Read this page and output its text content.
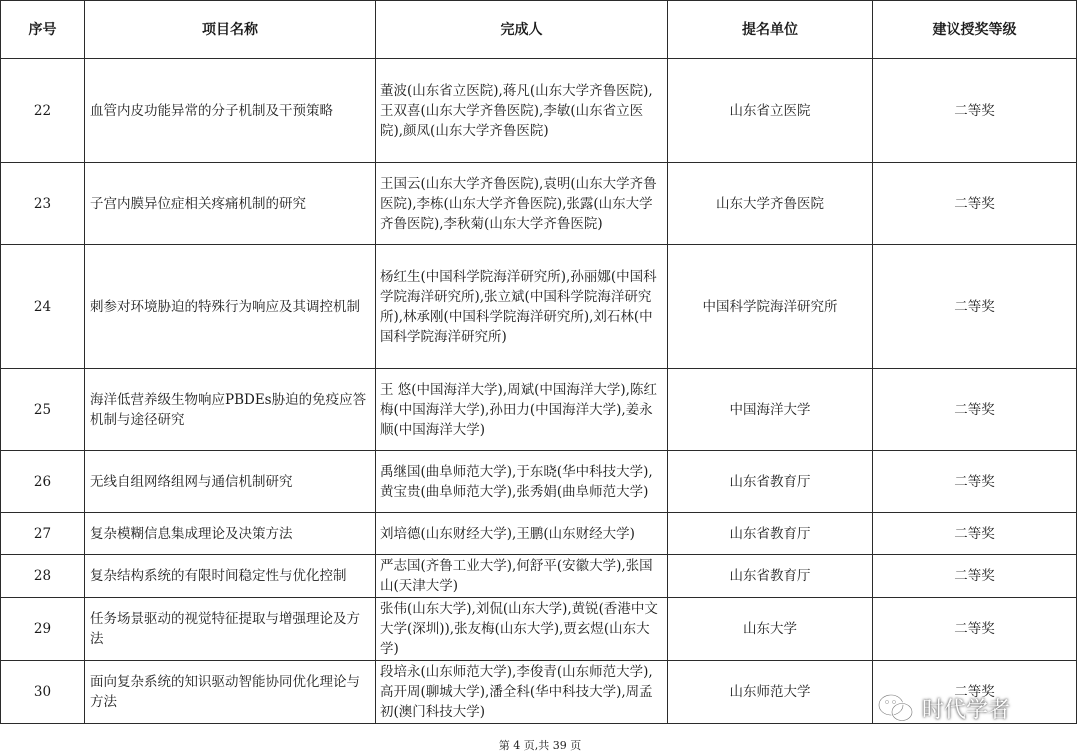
序号	项目名称	完成人	提名单位	建议授奖等级
22	血管内皮功能异常的分子机制及干预策略	董波(山东省立医院),蒋凡(山东大学齐鲁医院),王双喜(山东大学齐鲁医院),李敏(山东省立医院),颜凤(山东大学齐鲁医院)	山东省立医院	二等奖
23	子宫内膜异位症相关疼痛机制的研究	王国云(山东大学齐鲁医院),袁明(山东大学齐鲁医院),李栋(山东大学齐鲁医院),张露(山东大学齐鲁医院),李秋菊(山东大学齐鲁医院)	山东大学齐鲁医院	二等奖
24	刺参对环境胁迫的特殊行为响应及其调控机制	杨红生(中国科学院海洋研究所),孙丽娜(中国科学院海洋研究所),张立斌(中国科学院海洋研究所),林承刚(中国科学院海洋研究所),刘石林(中国科学院海洋研究所)	中国科学院海洋研究所	二等奖
25	海洋低营养级生物响应PBDEs胁迫的免疫应答机制与途径研究	王 悠(中国海洋大学),周斌(中国海洋大学),陈红梅(中国海洋大学),孙田力(中国海洋大学),姜永顺(中国海洋大学)	中国海洋大学	二等奖
26	无线自组网络组网与通信机制研究	禹继国(曲阜师范大学),于东晓(华中科技大学),黄宝贵(曲阜师范大学),张秀娟(曲阜师范大学)	山东省教育厅	二等奖
27	复杂模糊信息集成理论及决策方法	刘培德(山东财经大学),王鹏(山东财经大学)	山东省教育厅	二等奖
28	复杂结构系统的有限时间稳定性与优化控制	严志国(齐鲁工业大学),何舒平(安徽大学),张国山(天津大学)	山东省教育厅	二等奖
29	任务场景驱动的视觉特征提取与增强理论及方法	张伟(山东大学),刘侃(山东大学),黄锐(香港中文大学(深圳)),张友梅(山东大学),贾玄煜(山东大学)	山东大学	二等奖
30	面向复杂系统的知识驱动智能协同优化理论与方法	段培永(山东师范大学),李俊青(山东师范大学),高开周(聊城大学),潘全科(华中科技大学),周孟初(澳门科技大学)	山东师范大学	二等奖
时代学者
第 4 页,共 39 页
